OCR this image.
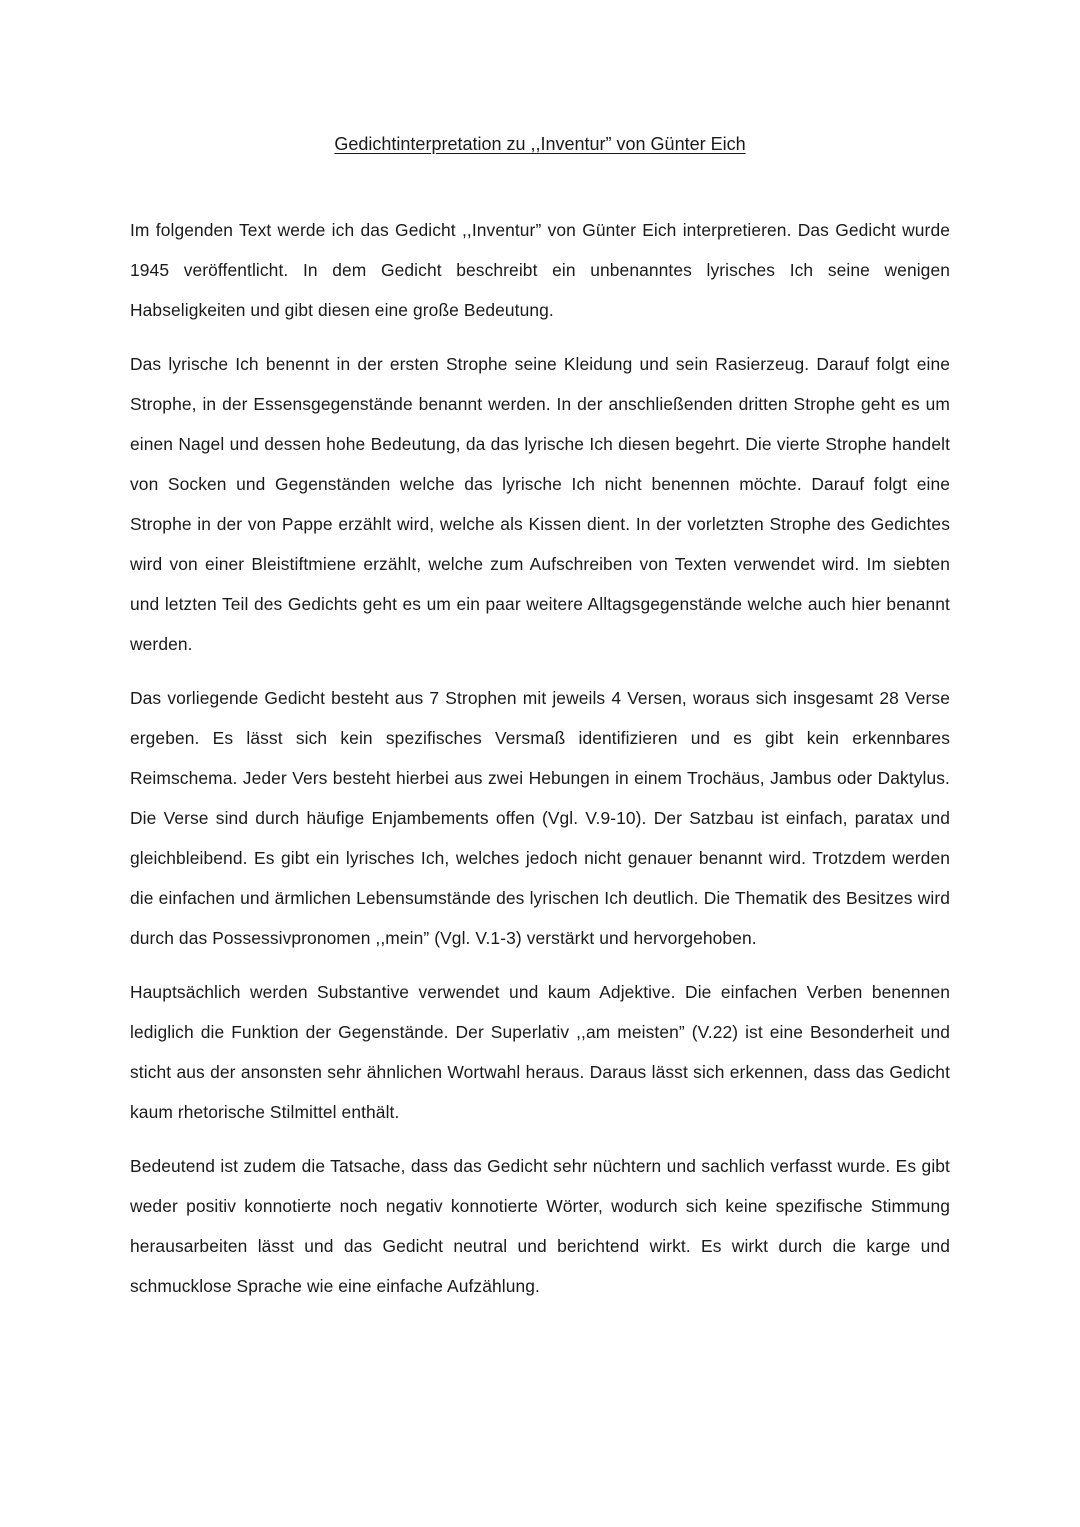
Gedichtinterpretation zu ,,Inventur” von Günter Eich

Im folgenden Text werde ich das Gedicht ,,Inventur” von Günter Eich interpretieren. Das Gedicht wurde 1945 veröffentlicht. In dem Gedicht beschreibt ein unbenanntes lyrisches Ich seine wenigen Habseligkeiten und gibt diesen eine große Bedeutung.

Das lyrische Ich benennt in der ersten Strophe seine Kleidung und sein Rasierzeug. Darauf folgt eine Strophe, in der Essensgegenstände benannt werden. In der anschließenden dritten Strophe geht es um einen Nagel und dessen hohe Bedeutung, da das lyrische Ich diesen begehrt. Die vierte Strophe handelt von Socken und Gegenständen welche das lyrische Ich nicht benennen möchte. Darauf folgt eine Strophe in der von Pappe erzählt wird, welche als Kissen dient. In der vorletzten Strophe des Gedichtes wird von einer Bleistiftmiene erzählt, welche zum Aufschreiben von Texten verwendet wird. Im siebten und letzten Teil des Gedichts geht es um ein paar weitere Alltagsgegenstände welche auch hier benannt werden.

Das vorliegende Gedicht besteht aus 7 Strophen mit jeweils 4 Versen, woraus sich insgesamt 28 Verse ergeben. Es lässt sich kein spezifisches Versmaß identifizieren und es gibt kein erkennbares Reimschema. Jeder Vers besteht hierbei aus zwei Hebungen in einem Trochäus, Jambus oder Daktylus. Die Verse sind durch häufige Enjambements offen (Vgl. V.9-10). Der Satzbau ist einfach, paratax und gleichbleibend. Es gibt ein lyrisches Ich, welches jedoch nicht genauer benannt wird. Trotzdem werden die einfachen und ärmlichen Lebensumstände des lyrischen Ich deutlich. Die Thematik des Besitzes wird durch das Possessivpronomen ,,mein” (Vgl. V.1-3) verstärkt und hervorgehoben.

Hauptsächlich werden Substantive verwendet und kaum Adjektive. Die einfachen Verben benennen lediglich die Funktion der Gegenstände. Der Superlativ ,,am meisten” (V.22) ist eine Besonderheit und sticht aus der ansonsten sehr ähnlichen Wortwahl heraus. Daraus lässt sich erkennen, dass das Gedicht kaum rhetorische Stilmittel enthält.

Bedeutend ist zudem die Tatsache, dass das Gedicht sehr nüchtern und sachlich verfasst wurde. Es gibt weder positiv konnotierte noch negativ konnotierte Wörter, wodurch sich keine spezifische Stimmung herausarbeiten lässt und das Gedicht neutral und berichtend wirkt. Es wirkt durch die karge und schmucklose Sprache wie eine einfache Aufzählung.
